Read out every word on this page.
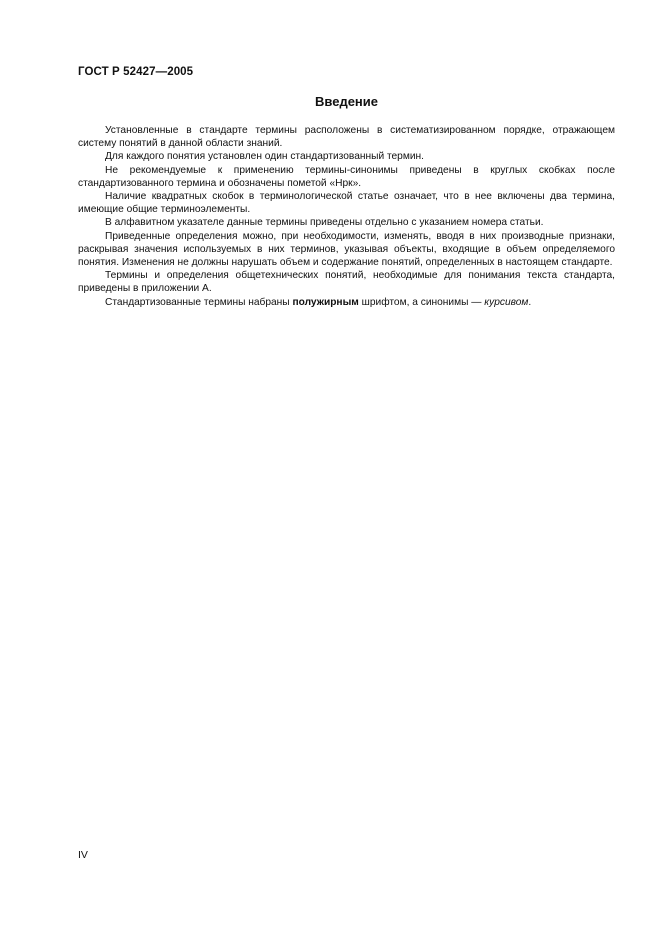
ГОСТ Р 52427—2005
Введение

Установленные в стандарте термины расположены в систематизированном порядке, отражающем систему понятий в данной области знаний.

Для каждого понятия установлен один стандартизованный термин.

Не рекомендуемые к применению термины-синонимы приведены в круглых скобках после стандартизованного термина и обозначены пометой «Нрк».

Наличие квадратных скобок в терминологической статье означает, что в нее включены два термина, имеющие общие терминоэлементы.

В алфавитном указателе данные термины приведены отдельно с указанием номера статьи.

Приведенные определения можно, при необходимости, изменять, вводя в них производные признаки, раскрывая значения используемых в них терминов, указывая объекты, входящие в объем определяемого понятия. Изменения не должны нарушать объем и содержание понятий, определенных в настоящем стандарте.

Термины и определения общетехнических понятий, необходимые для понимания текста стандарта, приведены в приложении А.

Стандартизованные термины набраны полужирным шрифтом, а синонимы — курсивом.

IV
